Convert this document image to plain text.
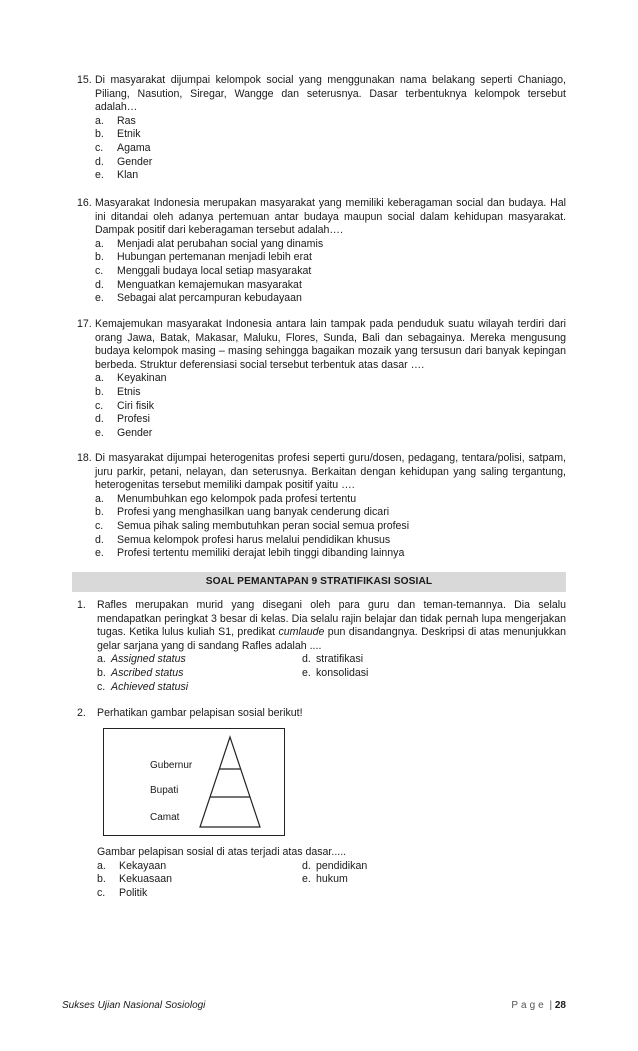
15. Di masyarakat dijumpai kelompok social yang menggunakan nama belakang seperti Chaniago, Piliang, Nasution, Siregar, Wangge dan seterusnya. Dasar terbentuknya kelompok tersebut adalah…
a.	Ras
b.	Etnik
c.	Agama
d.	Gender
e.	Klan
16. Masyarakat Indonesia merupakan masyarakat yang memiliki keberagaman social dan budaya. Hal ini ditandai oleh adanya pertemuan antar budaya maupun social dalam kehidupan masyarakat. Dampak positif dari keberagaman tersebut adalah….
a.	Menjadi alat perubahan social yang dinamis
b.	Hubungan pertemanan menjadi lebih erat
c.	Menggali budaya local setiap masyarakat
d.	Menguatkan kemajemukan masyarakat
e.	Sebagai alat percampuran kebudayaan
17. Kemajemukan masyarakat Indonesia antara lain tampak pada penduduk suatu wilayah terdiri dari orang Jawa, Batak, Makasar, Maluku, Flores, Sunda, Bali dan sebagainya. Mereka mengusung budaya kelompok masing – masing sehingga bagaikan mozaik yang tersusun dari banyak kepingan berbeda. Struktur deferensiasi social tersebut terbentuk atas dasar ….
a.	Keyakinan
b.	Etnis
c.	Ciri fisik
d.	Profesi
e.	Gender
18. Di masyarakat dijumpai heterogenitas profesi seperti guru/dosen, pedagang, tentara/polisi, satpam, juru parkir, petani, nelayan, dan seterusnya. Berkaitan dengan kehidupan yang saling tergantung, heterogenitas tersebut memiliki dampak positif yaitu ….
a.	Menumbuhkan ego kelompok pada profesi tertentu
b.	Profesi yang menghasilkan uang banyak cenderung dicari
c.	Semua pihak saling membutuhkan peran social semua profesi
d.	Semua kelompok profesi harus melalui pendidikan khusus
e.	Profesi tertentu memiliki derajat lebih tinggi dibanding lainnya
SOAL PEMANTAPAN 9 STRATIFIKASI SOSIAL
1. Rafles merupakan murid yang disegani oleh para guru dan teman-temannya. Dia selalu mendapatkan peringkat 3 besar di kelas. Dia selalu rajin belajar dan tidak pernah lupa mengerjakan tugas. Ketika lulus kuliah S1, predikat cumlaude pun disandangnya. Deskripsi di atas menunjukkan gelar sarjana yang di sandang Rafles adalah ....
a. Assigned status	d. stratifikasi
b. Ascribed status	e. konsolidasi
c. Achieved statusi
2. Perhatikan gambar pelapisan sosial berikut!
Gubernur
Bupati
Camat
Gambar pelapisan sosial di atas terjadi atas dasar.....
a.	Kekayaan	d. pendidikan
b.	Kekuasaan	e. hukum
c.	Politik
Sukses Ujian Nasional Sosiologi	Page | 28
